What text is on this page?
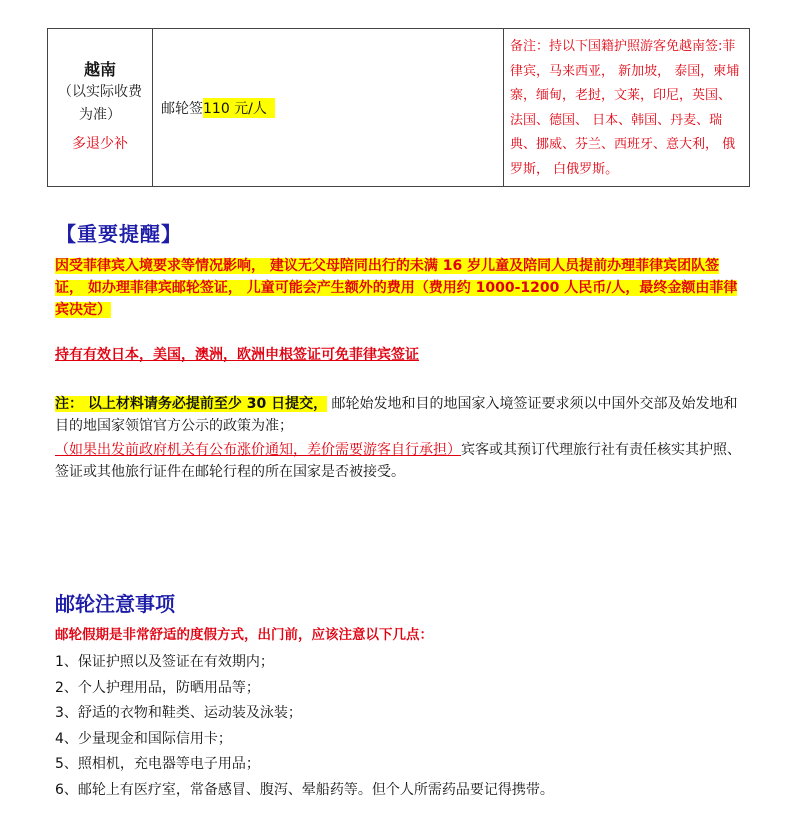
越南
（以实际收费为准）
多退少补
邮轮签 110 元/人
备注：持以下国籍护照游客免越南签:菲律宾，马来西亚， 新加坡， 泰国，柬埔寨，缅甸，老挝，文莱，印尼，英国、法国、德国、 日本、韩国、丹麦、瑞典、挪威、芬兰、西班牙、意大利， 俄罗斯， 白俄罗斯。
【重要提醒】
因受菲律宾入境要求等情况影响， 建议无父母陪同出行的未满 16 岁儿童及陪同人员提前办理菲律宾团队签证， 如办理菲律宾邮轮签证， 儿童可能会产生额外的费用（费用约 1000-1200 人民币/人，最终金额由菲律宾决定）
持有有效日本，美国，澳洲，欧洲申根签证可免菲律宾签证
注： 以上材料请务必提前至少 30 日提交， 邮轮始发地和目的地国家入境签证要求须以中国外交部及始发地和目的地国家领馆官方公示的政策为准；
（如果出发前政府机关有公布涨价通知，差价需要游客自行承担）宾客或其预订代理旅行社有责任核实其护照、签证或其他旅行证件在邮轮行程的所在国家是否被接受。
邮轮注意事项
邮轮假期是非常舒适的度假方式，出门前，应该注意以下几点：
1、保证护照以及签证在有效期内；
2、个人护理用品，防晒用品等；
3、舒适的衣物和鞋类、运动装及泳装；
4、少量现金和国际信用卡；
5、照相机，充电器等电子用品；
6、邮轮上有医疗室，常备感冒、腹泻、晕船药等。但个人所需药品要记得携带。
